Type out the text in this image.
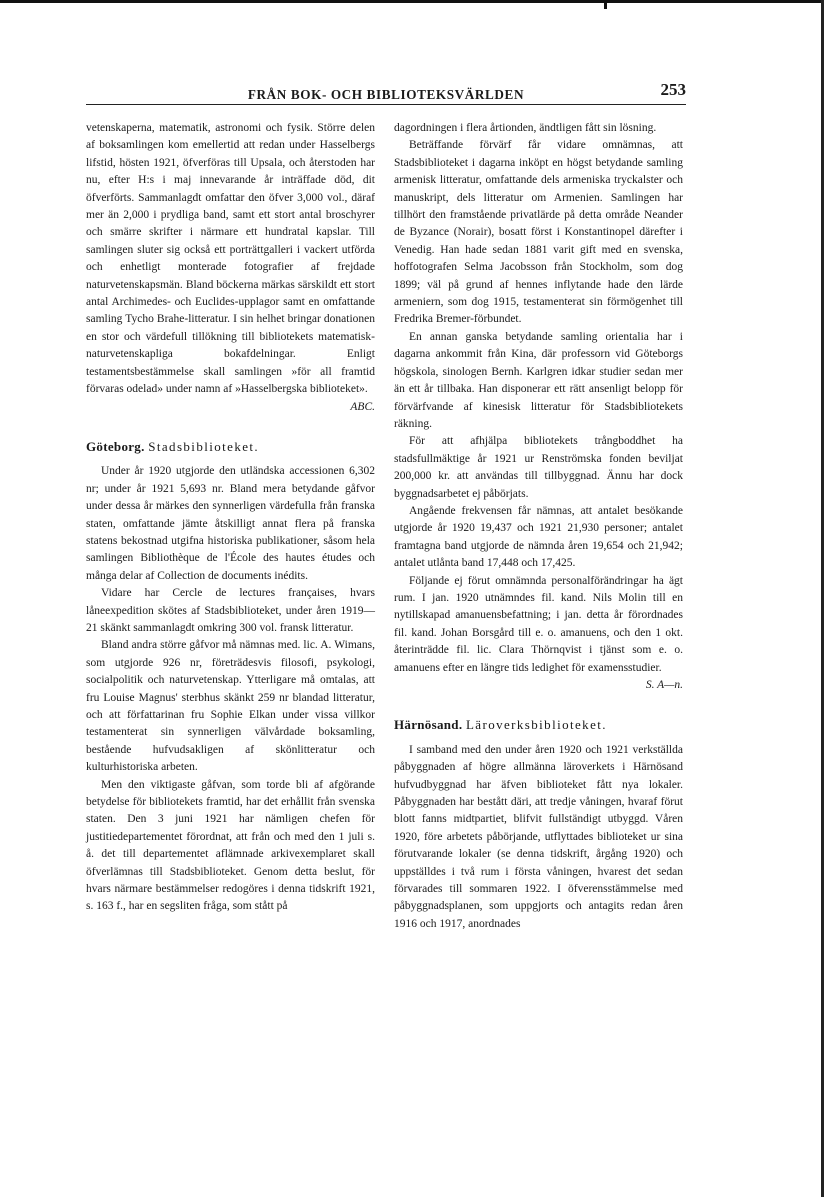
FRÅN BOK- OCH BIBLIOTEKSVÄRLDEN	253

vetenskaperna, matematik, astronomi och fysik. Större delen af boksamlingen kom emellertid att redan under Hasselbergs lifstid, hösten 1921, öfverföras till Upsala, och återstoden har nu, efter H:s i maj innevarande år inträffade död, dit öfverförts. Sammanlagdt omfattar den öfver 3,000 vol., däraf mer än 2,000 i prydliga band, samt ett stort antal broschyrer och smärre skrifter i närmare ett hundratal kapslar. Till samlingen sluter sig också ett porträttgalleri i vackert utförda och enhetligt monterade fotografier af frejdade naturvetenskapsmän. Bland böckerna märkas särskildt ett stort antal Archimedes- och Euclides-upplagor samt en omfattande samling Tycho Brahe-litteratur. I sin helhet bringar donationen en stor och värdefull tillökning till bibliotekets matematisk-naturvetenskapliga bokafdelningar. Enligt testamentsbestämmelse skall samlingen »för all framtid förvaras odelad» under namn af »Hasselbergska biblioteket».

ABC.

Göteborg. Stadsbiblioteket.

Under år 1920 utgjorde den utländska accessionen 6,302 nr; under år 1921 5,693 nr. Bland mera betydande gåfvor under dessa år märkes den synnerligen värdefulla från franska staten, omfattande jämte åtskilligt annat flera på franska statens bekostnad utgifna historiska publikationer, såsom hela samlingen Bibliothèque de l'École des hautes études och många delar af Collection de documents inédits.

Vidare har Cercle de lectures françaises, hvars låneexpedition skötes af Stadsbiblioteket, under åren 1919—21 skänkt sammanlagdt omkring 300 vol. fransk litteratur.

Bland andra större gåfvor må nämnas med. lic. A. Wimans, som utgjorde 926 nr, företrädesvis filosofi, psykologi, socialpolitik och naturvetenskap. Ytterligare må omtalas, att fru Louise Magnus' sterbhus skänkt 259 nr blandad litteratur, och att författarinan fru Sophie Elkan under vissa villkor testamenterat sin synnerligen välvårdade boksamling, bestående hufvudsakligen af skönlitteratur och kulturhistoriska arbeten.

Men den viktigaste gåfvan, som torde bli af afgörande betydelse för bibliotekets framtid, har det erhållit från svenska staten. Den 3 juni 1921 har nämligen chefen för justitiedepartementet förordnat, att från och med den 1 juli s. å. det till departementet aflämnade arkivexemplaret skall öfverlämnas till Stadsbiblioteket. Genom detta beslut, för hvars närmare bestämmelser redogöres i denna tidskrift 1921, s. 163 f., har en segsliten fråga, som stått på

dagordningen i flera årtionden, ändtligen fått sin lösning.

Beträffande förvärf får vidare omnämnas, att Stadsbiblioteket i dagarna inköpt en högst betydande samling armenisk litteratur, omfattande dels armeniska tryckalster och manuskript, dels litteratur om Armenien. Samlingen har tillhört den framstående privatlärde på detta område Neander de Byzance (Norair), bosatt först i Konstantinopel därefter i Venedig. Han hade sedan 1881 varit gift med en svenska, hoffotografen Selma Jacobsson från Stockholm, som dog 1899; väl på grund af hennes inflytande hade den lärde armeniern, som dog 1915, testamenterat sin förmögenhet till Fredrika Bremer-förbundet.

En annan ganska betydande samling orientalia har i dagarna ankommit från Kina, där professorn vid Göteborgs högskola, sinologen Bernh. Karlgren idkar studier sedan mer än ett år tillbaka. Han disponerar ett rätt ansenligt belopp för förvärfvande af kinesisk litteratur för Stadsbibliotekets räkning.

För att afhjälpa bibliotekets trångboddhet ha stadsfullmäktige år 1921 ur Renströmska fonden beviljat 200,000 kr. att användas till tillbyggnad. Ännu har dock byggnadsarbetet ej påbörjats.

Angående frekvensen får nämnas, att antalet besökande utgjorde år 1920 19,437 och 1921 21,930 personer; antalet framtagna band utgjorde de nämnda åren 19,654 och 21,942; antalet utlånta band 17,448 och 17,425.

Följande ej förut omnämnda personalförändringar ha ägt rum. I jan. 1920 utnämndes fil. kand. Nils Molin till en nytillskapad amanuensbefattning; i jan. detta år förordnades fil. kand. Johan Borsgård till e. o. amanuens, och den 1 okt. återinträdde fil. lic. Clara Thörnqvist i tjänst som e. o. amanuens efter en längre tids ledighet för examensstudier.

S. A—n.

Härnösand. Läroverksbiblioteket.

I samband med den under åren 1920 och 1921 verkställda påbyggnaden af högre allmänna läroverkets i Härnösand hufvudbyggnad har äfven biblioteket fått nya lokaler. Påbyggnaden har bestått däri, att tredje våningen, hvaraf förut blott fanns midtpartiet, blifvit fullständigt utbyggd. Våren 1920, före arbetets påbörjande, utflyttades biblioteket ur sina förutvarande lokaler (se denna tidskrift, årgång 1920) och uppställdes i två rum i första våningen, hvarest det sedan förvarades till sommaren 1922. I öfverensstämmelse med påbyggnadsplanen, som uppgjorts och antagits redan åren 1916 och 1917, anordnades
